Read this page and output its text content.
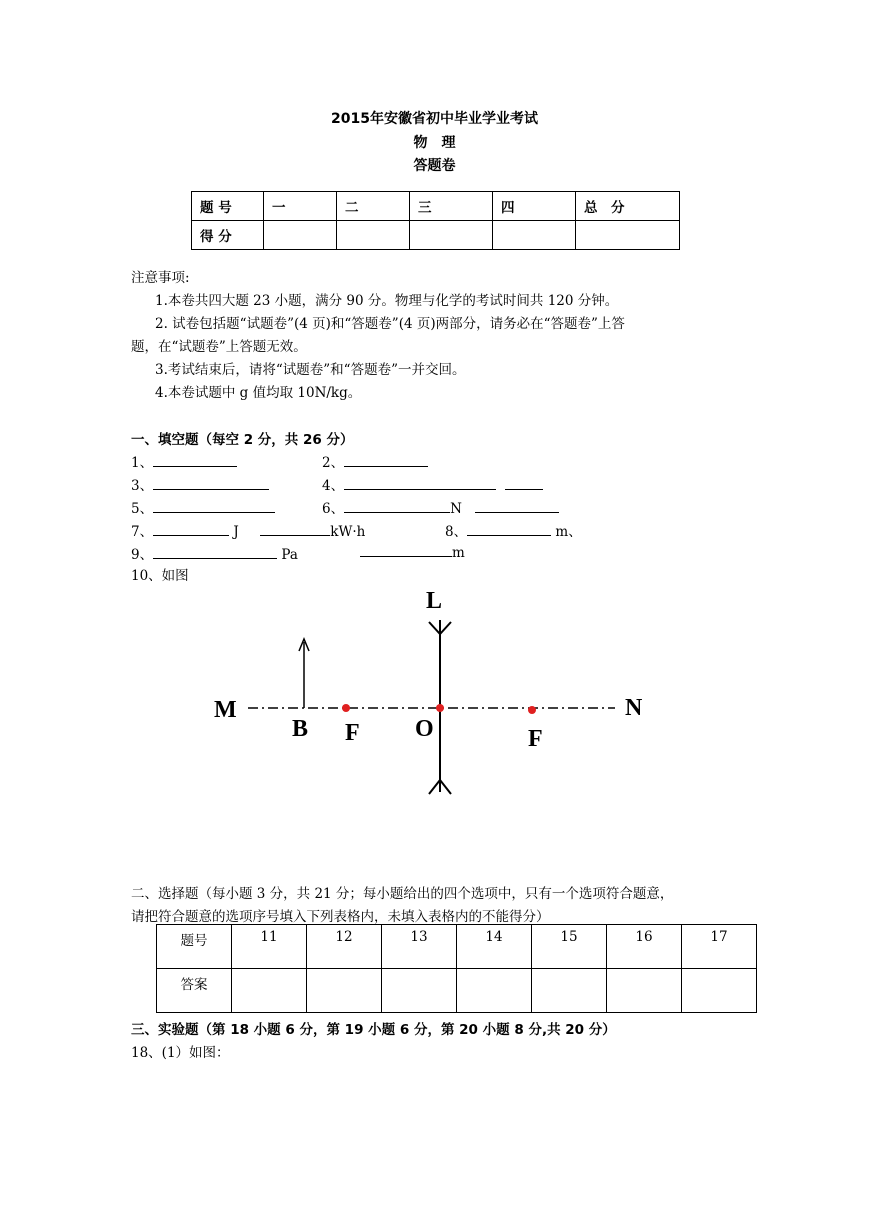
2015年安徽省初中毕业学业考试
物　理
答题卷
题 号	一	二	三	四	总　分
得 分					
注意事项:
1.本卷共四大题 23 小题，满分 90 分。物理与化学的考试时间共 120 分钟。
2. 试卷包括题“试题卷”(4 页)和“答题卷”(4 页)两部分，请务必在“答题卷”上答
题，在“试题卷”上答题无效。
3.考试结束后，请将“试题卷”和“答题卷”一并交回。
4.本卷试题中 g 值均取 10N/kg。
一、填空题（每空 2 分，共 26 分）
1、	2、
3、	4、
5、	6、	N
7、	J	kW·h	8、	m、
9、	Pa	m
10、如图
L
M	N
B F O	F
二、选择题（每小题 3 分，共 21 分；每小题给出的四个选项中，只有一个选项符合题意，
请把符合题意的选项序号填入下列表格内，未填入表格内的不能得分）
题号	11	12	13	14	15	16	17
答案							
三、实验题（第 18 小题 6 分，第 19 小题 6 分，第 20 小题 8 分,共 20 分）
18、(1）如图：
